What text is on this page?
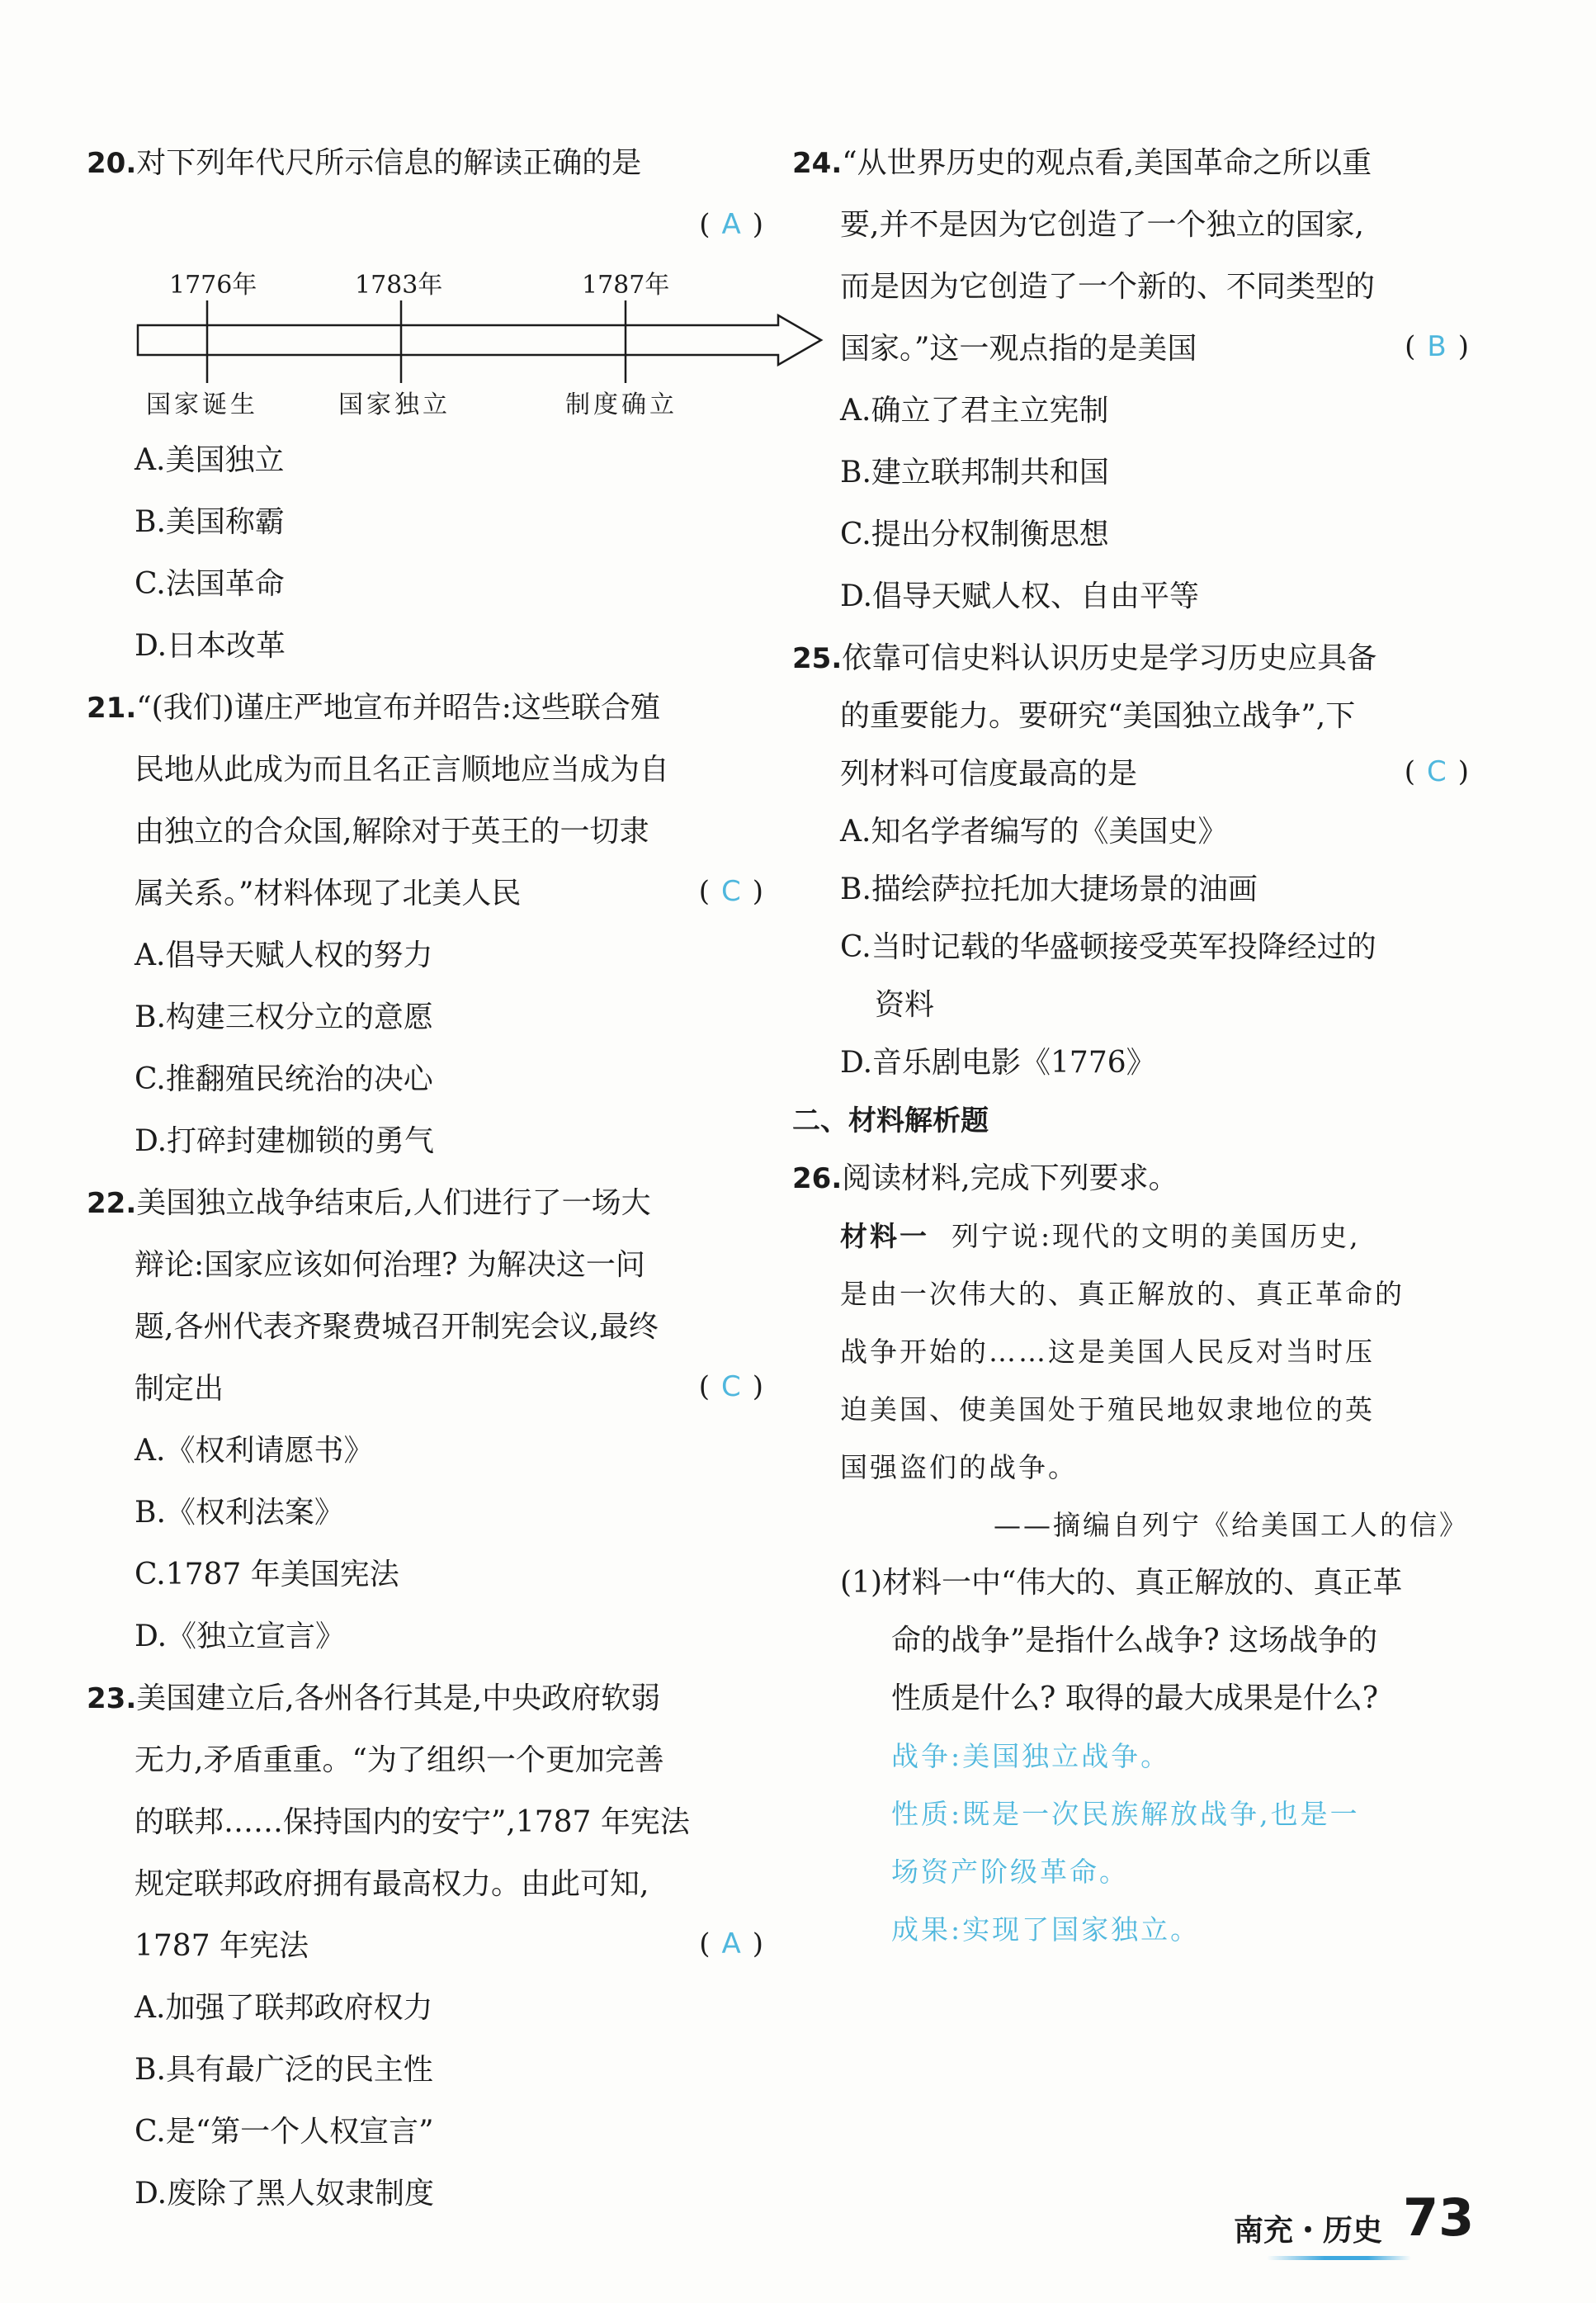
20.对下列年代尺所示信息的解读正确的是
( A )
1776年	1783年	1787年
国家诞生	国家独立	制度确立
A.美国独立
B.美国称霸
C.法国革命
D.日本改革
21.“(我们)谨庄严地宣布并昭告:这些联合殖
民地从此成为而且名正言顺地应当成为自
由独立的合众国,解除对于英王的一切隶
属关系。”材料体现了北美人民	( C )
A.倡导天赋人权的努力
B.构建三权分立的意愿
C.推翻殖民统治的决心
D.打碎封建枷锁的勇气
22.美国独立战争结束后,人们进行了一场大
辩论:国家应该如何治理? 为解决这一问
题,各州代表齐聚费城召开制宪会议,最终
制定出	( C )
A.《权利请愿书》
B.《权利法案》
C.1787 年美国宪法
D.《独立宣言》
23.美国建立后,各州各行其是,中央政府软弱
无力,矛盾重重。“为了组织一个更加完善
的联邦……保持国内的安宁”,1787 年宪法
规定联邦政府拥有最高权力。由此可知,
1787 年宪法	( A )
A.加强了联邦政府权力
B.具有最广泛的民主性
C.是“第一个人权宣言”
D.废除了黑人奴隶制度
24.“从世界历史的观点看,美国革命之所以重
要,并不是因为它创造了一个独立的国家,
而是因为它创造了一个新的、不同类型的
国家。”这一观点指的是美国	( B )
A.确立了君主立宪制
B.建立联邦制共和国
C.提出分权制衡思想
D.倡导天赋人权、自由平等
25.依靠可信史料认识历史是学习历史应具备
的重要能力。要研究“美国独立战争”,下
列材料可信度最高的是	( C )
A.知名学者编写的《美国史》
B.描绘萨拉托加大捷场景的油画
C.当时记载的华盛顿接受英军投降经过的
资料
D.音乐剧电影《1776》
二、材料解析题
26.阅读材料,完成下列要求。
材料一 列宁说:现代的文明的美国历史,
是由一次伟大的、真正解放的、真正革命的
战争开始的……这是美国人民反对当时压
迫美国、使美国处于殖民地奴隶地位的英
国强盗们的战争。
——摘编自列宁《给美国工人的信》
(1)材料一中“伟大的、真正解放的、真正革
命的战争”是指什么战争? 这场战争的
性质是什么? 取得的最大成果是什么?
战争:美国独立战争。
性质:既是一次民族解放战争,也是一
场资产阶级革命。
成果:实现了国家独立。
南充・历史 73
